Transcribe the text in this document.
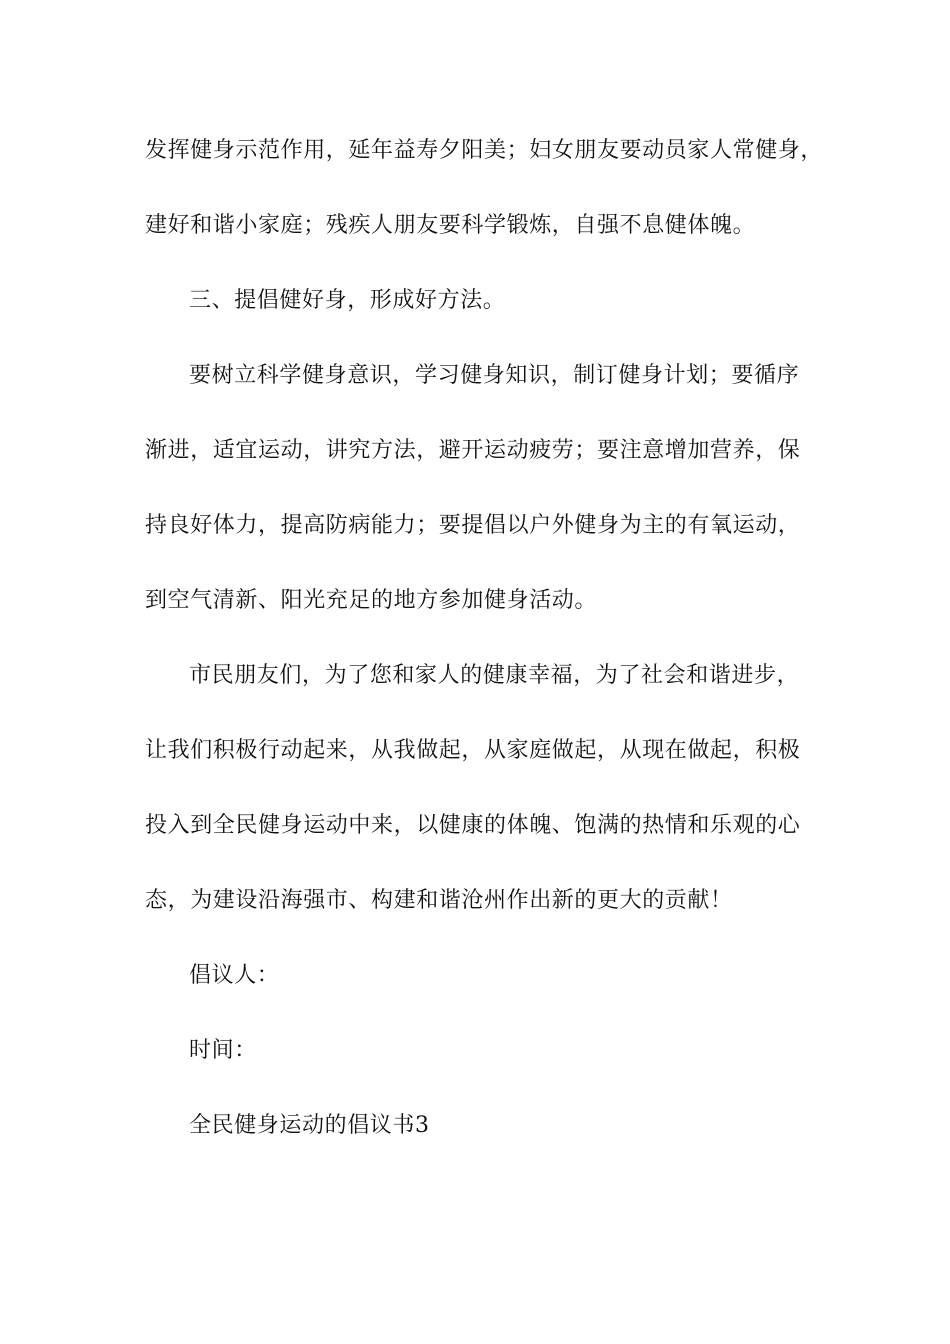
发挥健身示范作用，延年益寿夕阳美；妇女朋友要动员家人常健身，
建好和谐小家庭；残疾人朋友要科学锻炼，自强不息健体魄。
三、提倡健好身，形成好方法。
要树立科学健身意识，学习健身知识，制订健身计划；要循序
渐进，适宜运动，讲究方法，避开运动疲劳；要注意增加营养，保
持良好体力，提高防病能力；要提倡以户外健身为主的有氧运动，
到空气清新、阳光充足的地方参加健身活动。
市民朋友们，为了您和家人的健康幸福，为了社会和谐进步，
让我们积极行动起来，从我做起，从家庭做起，从现在做起，积极
投入到全民健身运动中来，以健康的体魄、饱满的热情和乐观的心
态，为建设沿海强市、构建和谐沧州作出新的更大的贡献！
倡议人：
时间：
全民健身运动的倡议书3
